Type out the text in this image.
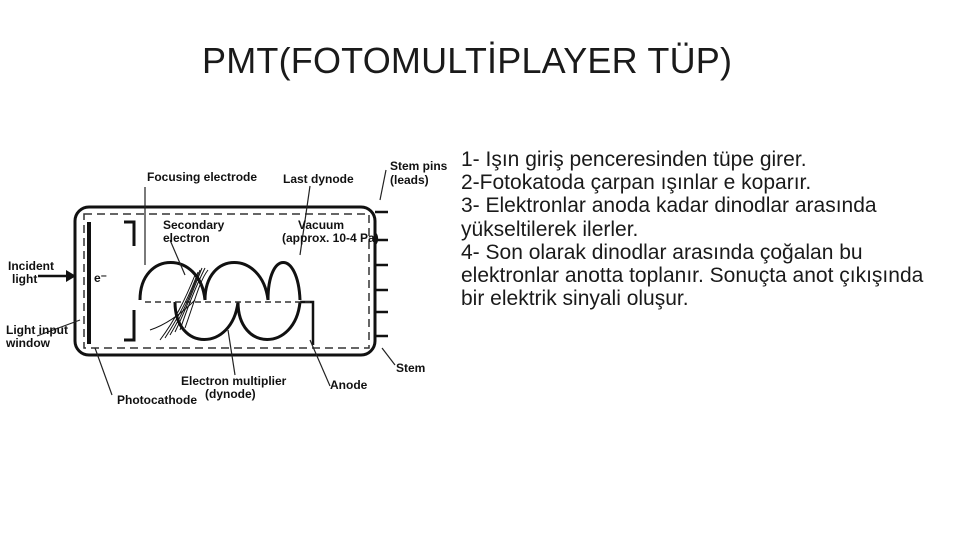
PMT(FOTOMULTİPLAYER TÜP)
Focusing electrode Last dynode
Stem pins
(leads)
Secondary
electron
Vacuum
(approx. 10-4 Pa)
Incident
light	e⁻
Light input
window
Stem
Electron multiplier
(dynode)
Anode
Photocathode

1- Işın giriş penceresinden tüpe girer.

2-Fotokatoda çarpan ışınlar e koparır.

3- Elektronlar anoda kadar dinodlar arasında yükseltilerek ilerler.

4- Son olarak dinodlar arasında çoğalan bu elektronlar anotta toplanır. Sonuçta anot çıkışında bir elektrik sinyali oluşur.
